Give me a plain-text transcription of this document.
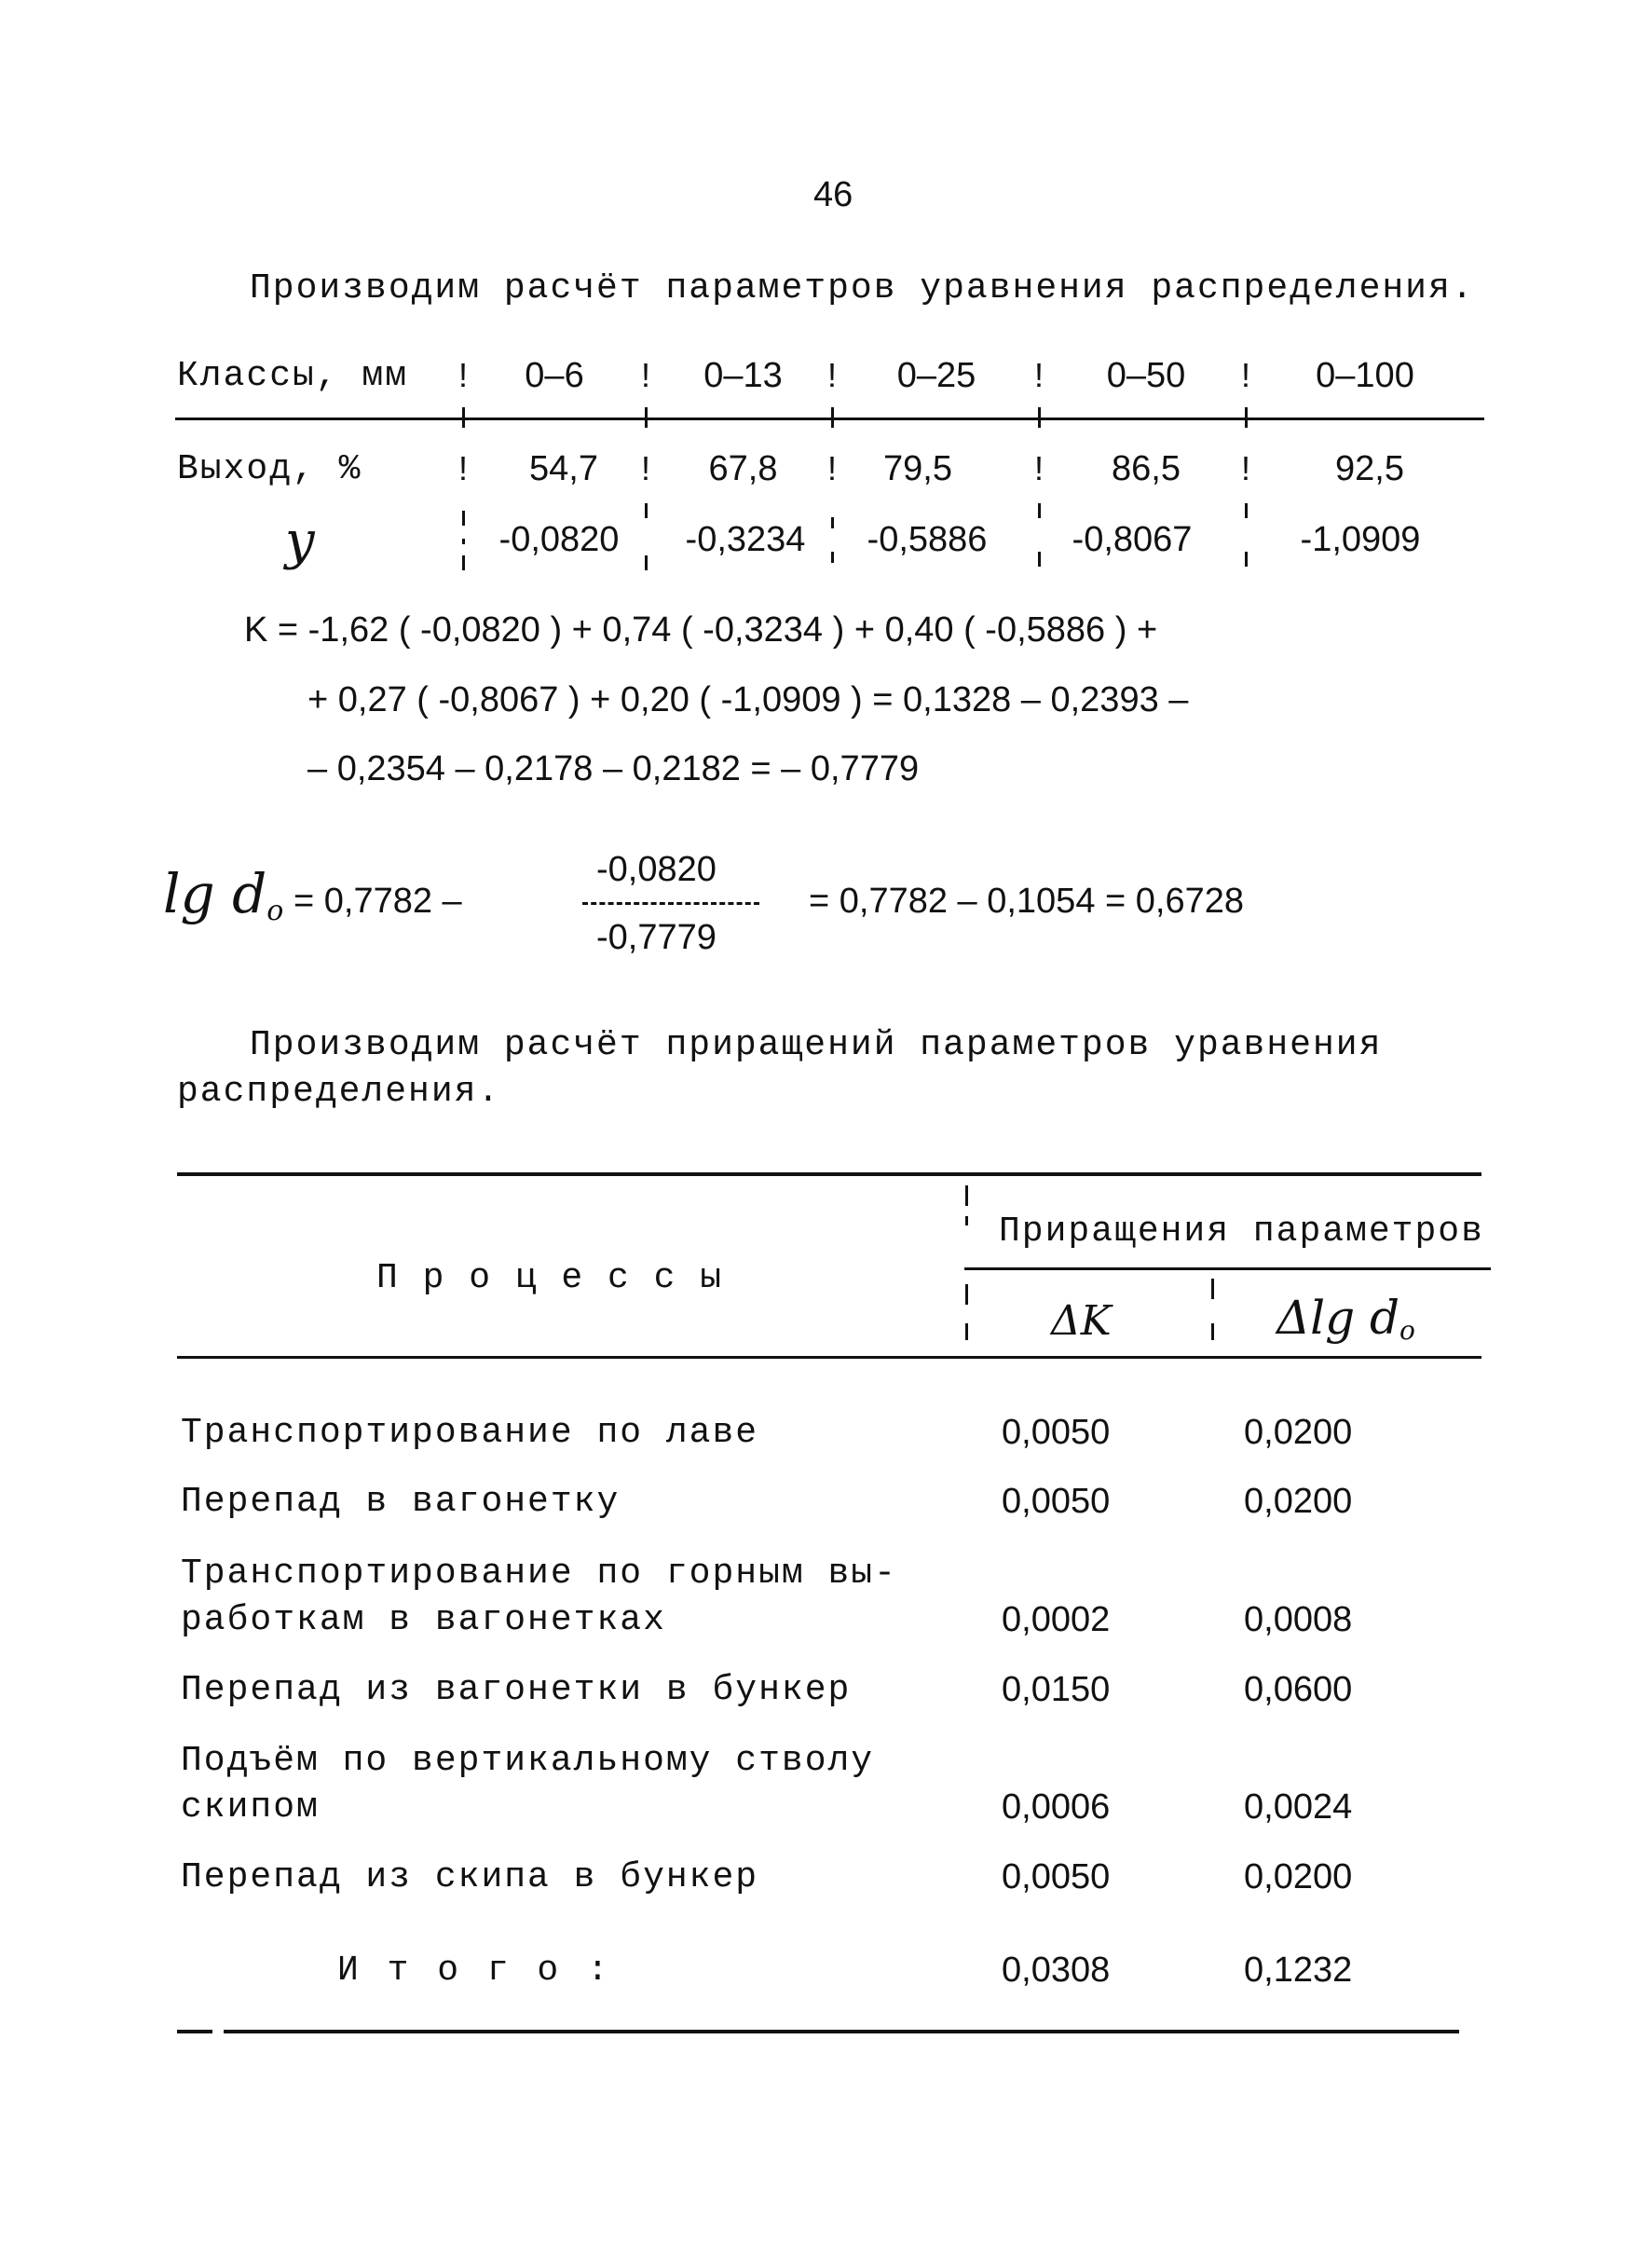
46
Производим расчёт параметров уравнения распределения.
Классы, мм	0–6	0–13	0–25	0–50	0–100
!	!	!	!	!
Выход, %	54,7	67,8	79,5	86,5	92,5
!	!	!	!	!
y	-0,0820	-0,3234	-0,5886	-0,8067	-1,0909
K = -1,62 ( -0,0820 ) + 0,74 ( -0,3234 ) + 0,40 ( -0,5886 ) +
+ 0,27 ( -0,8067 ) + 0,20 ( -1,0909 ) = 0,1328 – 0,2393 –
– 0,2354 – 0,2178 – 0,2182 = – 0,7779
lg do = 0,7782 –
-0,0820
-0,7779
= 0,7782 – 0,1054 = 0,6728
Производим расчёт приращений параметров уравнения
распределения.
П р о ц е с с ы
Приращения параметров
ΔK	Δlg do
Транспортирование по лаве	0,0050	0,0200
Перепад в вагонетку	0,0050	0,0200
Транспортирование по горным вы-
работкам в вагонетках	0,0002	0,0008
Перепад из вагонетки в бункер	0,0150	0,0600
Подъём по вертикальному стволу
скипом	0,0006	0,0024
Перепад из скипа в бункер	0,0050	0,0200
И т о г о :	0,0308	0,1232
